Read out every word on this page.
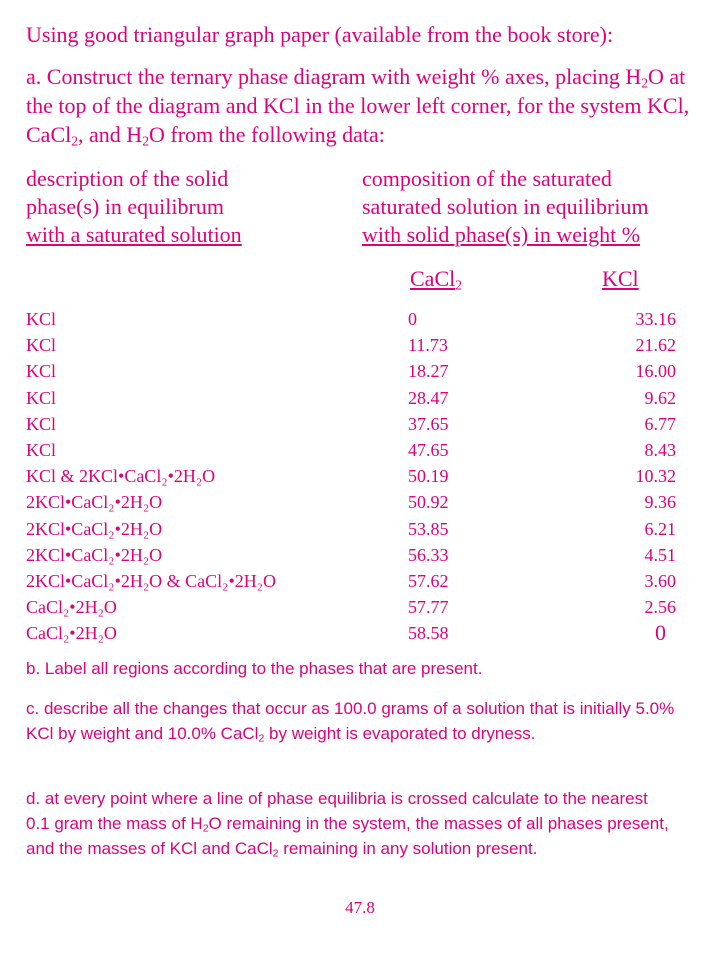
Using good triangular graph paper (available from the book store):
a. Construct the ternary phase diagram with weight % axes, placing $H_2O$ at the top of the diagram and KCl in the lower left corner, for the system KCl, CaCl$_2$, and $H_2O$ from the following data:
description of the solid
phase(s) in equilibrum
with a saturated solution
composition of the saturated
saturated solution in equilibrium
with solid phase(s) in weight %
CaCl$_2$	KCl
KCl	0	33.16
KCl	11.73	21.62
KCl	18.27	16.00
KCl	28.47	9.62
KCl	37.65	6.77
KCl	47.65	8.43
KCl & 2KCl•CaCl₂•2H₂O	50.19	10.32
2KCl•CaCl₂•2H₂O	50.92	9.36
2KCl•CaCl₂•2H₂O	53.85	6.21
2KCl•CaCl₂•2H₂O	56.33	4.51
2KCl•CaCl₂•2H₂O & CaCl₂•2H₂O	57.62	3.60
CaCl₂•2H₂O	57.77	2.56
CaCl₂•2H₂O	58.58	0
b. Label all regions according to the phases that are present.
c. describe all the changes that occur as 100.0 grams of a solution that is initially 5.0% KCl by weight and 10.0% CaCl$_2$ by weight is evaporated to dryness.
d. at every point where a line of phase equilibria is crossed calculate to the nearest 0.1 gram the mass of $H_2O$ remaining in the system, the masses of all phases present, and the masses of KCl and CaCl$_2$ remaining in any solution present.
47.8
